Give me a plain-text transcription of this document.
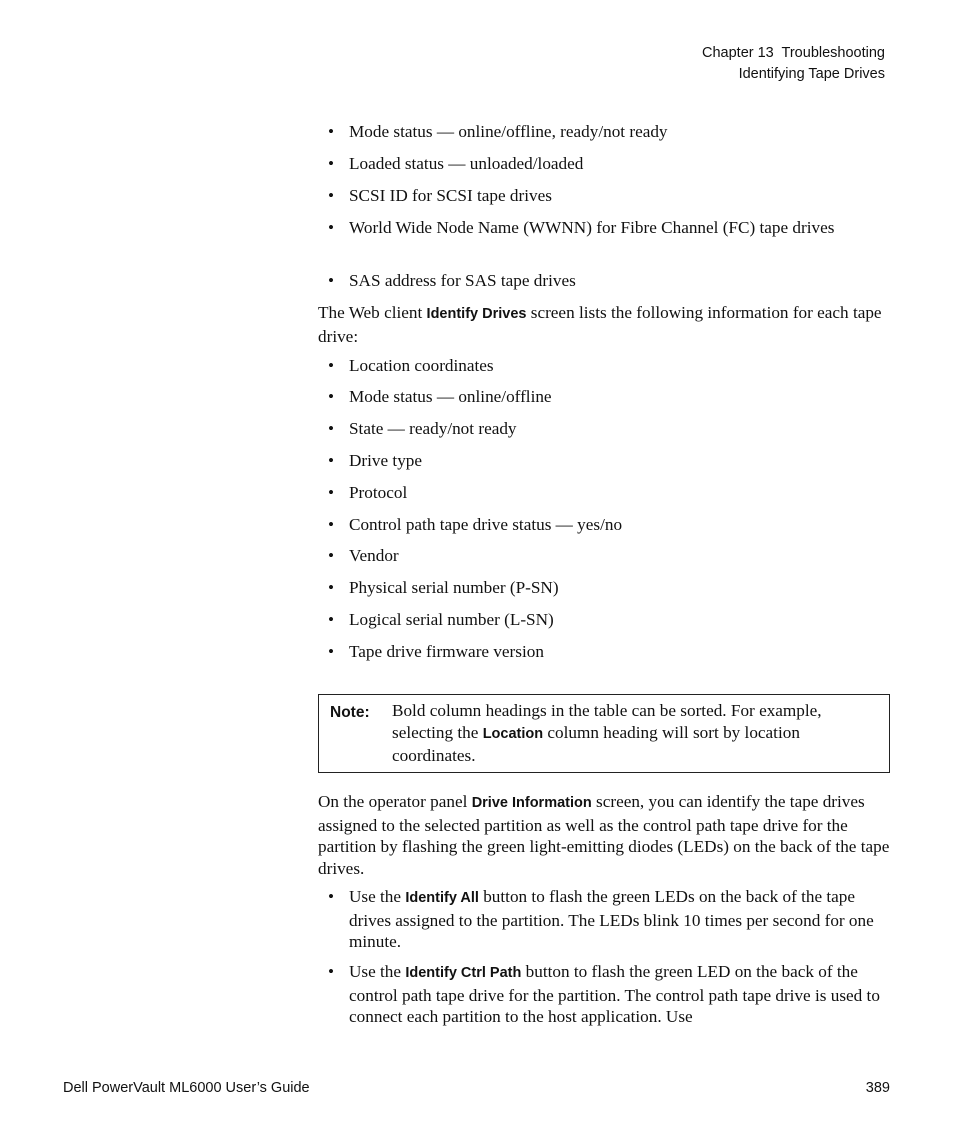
Chapter 13  Troubleshooting
Identifying Tape Drives
• Mode status — online/offline, ready/not ready
• Loaded status — unloaded/loaded
• SCSI ID for SCSI tape drives
• World Wide Node Name (WWNN) for Fibre Channel (FC) tape drives
• SAS address for SAS tape drives
The Web client Identify Drives screen lists the following information for each tape drive:
• Location coordinates
• Mode status — online/offline
• State — ready/not ready
• Drive type
• Protocol
• Control path tape drive status — yes/no
• Vendor
• Physical serial number (P-SN)
• Logical serial number (L-SN)
• Tape drive firmware version
Note: Bold column headings in the table can be sorted. For example, selecting the Location column heading will sort by location coordinates.
On the operator panel Drive Information screen, you can identify the tape drives assigned to the selected partition as well as the control path tape drive for the partition by flashing the green light-emitting diodes (LEDs) on the back of the tape drives.
• Use the Identify All button to flash the green LEDs on the back of the tape drives assigned to the partition. The LEDs blink 10 times per second for one minute.
• Use the Identify Ctrl Path button to flash the green LED on the back of the control path tape drive for the partition. The control path tape drive is used to connect each partition to the host application. Use
Dell PowerVault ML6000 User’s Guide	389
